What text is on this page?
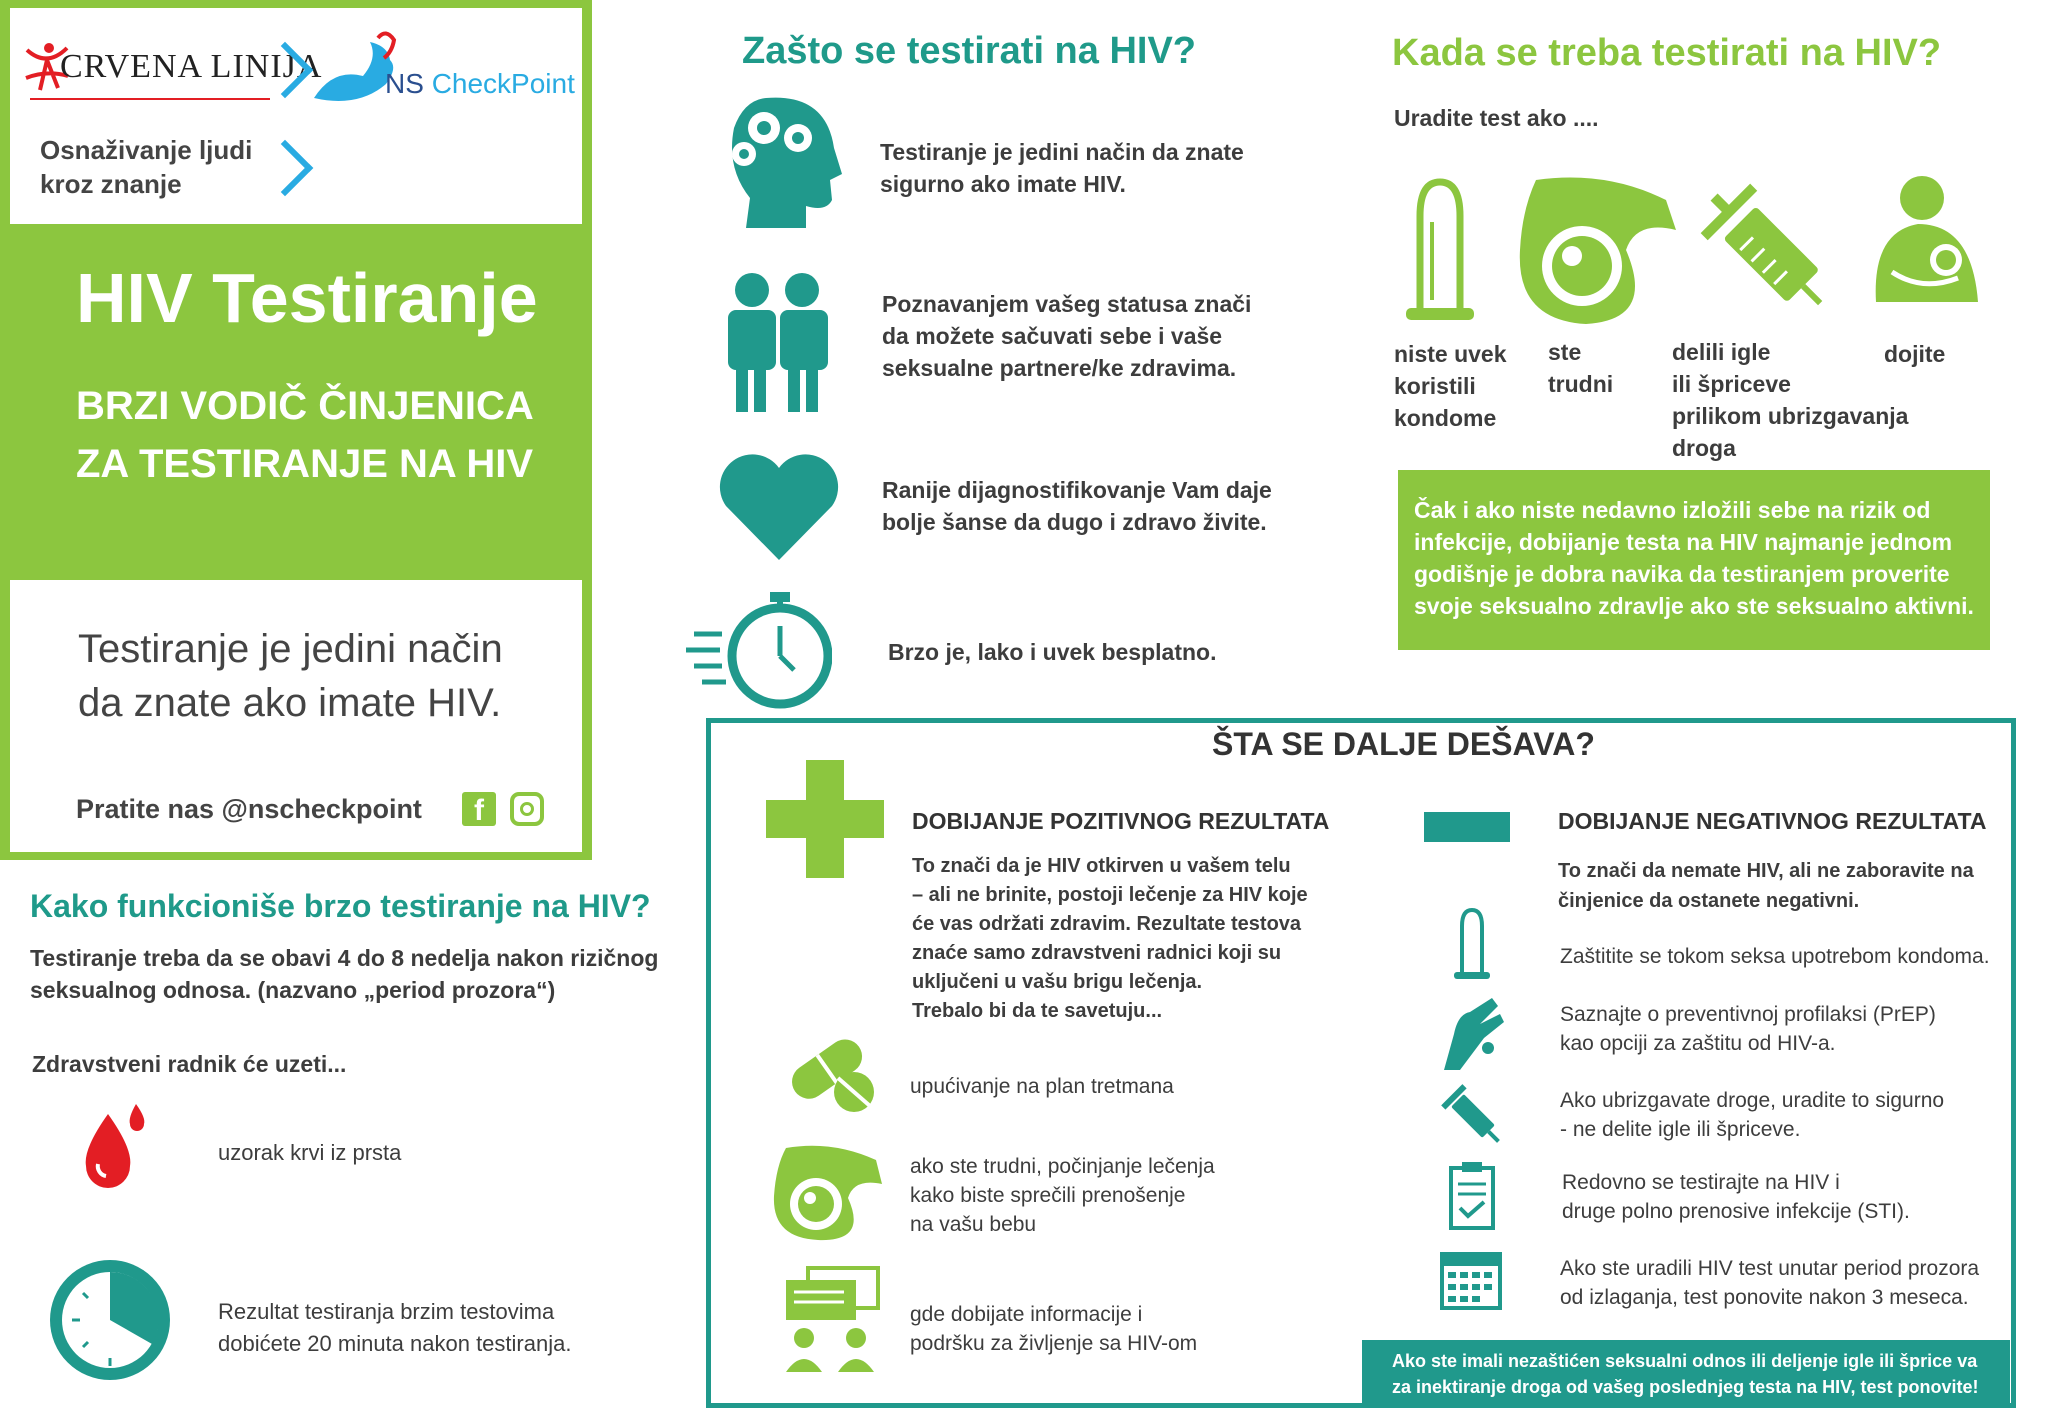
CRVENA LINIJA NS CheckPoint
Osnaživanje ljudi
kroz znanje
HIV Testiranje
BRZI VODIČ ČINJENICA
ZA TESTIRANJE NA HIV
Testiranje je jedini način
da znate ako imate HIV.
Pratite nas @nscheckpoint	f
Kako funkcioniše brzo testiranje na HIV?
Testiranje treba da se obavi 4 do 8 nedelja nakon rizičnog
seksualnog odnosa. (nazvano „period prozora“)
Zdravstveni radnik će uzeti...
uzorak krvi iz prsta
Rezultat testiranja brzim testovima
dobićete 20 minuta nakon testiranja.
Zašto se testirati na HIV?
Testiranje je jedini način da znate
sigurno ako imate HIV.
Poznavanjem vašeg statusa znači
da možete sačuvati sebe i vaše
seksualne partnere/ke zdravima.
Ranije dijagnostifikovanje Vam daje
bolje šanse da dugo i zdravo živite.
Brzo je, lako i uvek besplatno.
Kada se treba testirati na HIV?
Uradite test ako ....
niste uvek
koristili
kondome
ste
trudni
delili igle
ili špriceve
prilikom ubrizgavanja
droga
dojite
Čak i ako niste nedavno izložili sebe na rizik od
infekcije, dobijanje testa na HIV najmanje jednom
godišnje je dobra navika da testiranjem proverite
svoje seksualno zdravlje ako ste seksualno aktivni.
ŠTA SE DALJE DEŠAVA?
DOBIJANJE POZITIVNOG REZULTATA
To znači da je HIV otkirven u vašem telu
– ali ne brinite, postoji lečenje za HIV koje
će vas održati zdravim. Rezultate testova
znaće samo zdravstveni radnici koji su
uključeni u vašu brigu lečenja.
Trebalo bi da te savetuju...
upućivanje na plan tretmana
ako ste trudni, počinjanje lečenja
kako biste sprečili prenošenje
na vašu bebu
gde dobijate informacije i
podršku za življenje sa HIV-om
DOBIJANJE NEGATIVNOG REZULTATA
To znači da nemate HIV, ali ne zaboravite na
činjenice da ostanete negativni.
Zaštitite se tokom seksa upotrebom kondoma.
Saznajte o preventivnoj profilaksi (PrEP)
kao opciji za zaštitu od HIV-a.
Ako ubrizgavate droge, uradite to sigurno
- ne delite igle ili špriceve.
Redovno se testirajte na HIV i
druge polno prenosive infekcije (STI).
Ako ste uradili HIV test unutar period prozora
od izlaganja, test ponovite nakon 3 meseca.
Ako ste imali nezaštićen seksualni odnos ili deljenje igle ili šprice va
za inektiranje droga od vašeg poslednjeg testa na HIV, test ponovite!
